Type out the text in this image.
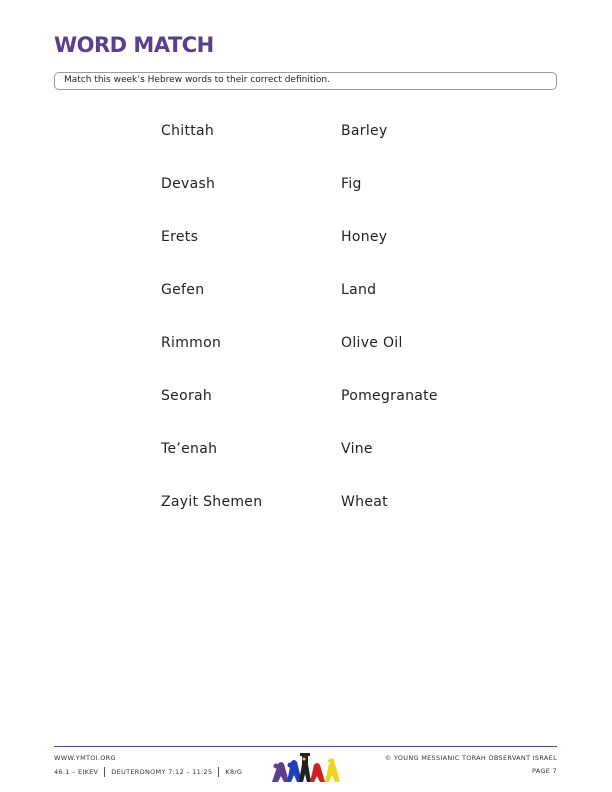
WORD MATCH
Match this week’s Hebrew words to their correct definition.
Chittah
Devash
Erets
Gefen
Rimmon
Seorah
Te’enah
Zayit Shemen
Barley
Fig
Honey
Land
Olive Oil
Pomegranate
Vine
Wheat
WWW.YMTOI.ORG
46.1 – EIKEV DEUTERONOMY 7:12 – 11:25 K8/G
© YOUNG MESSIANIC TORAH OBSERVANT ISRAEL
PAGE 7
